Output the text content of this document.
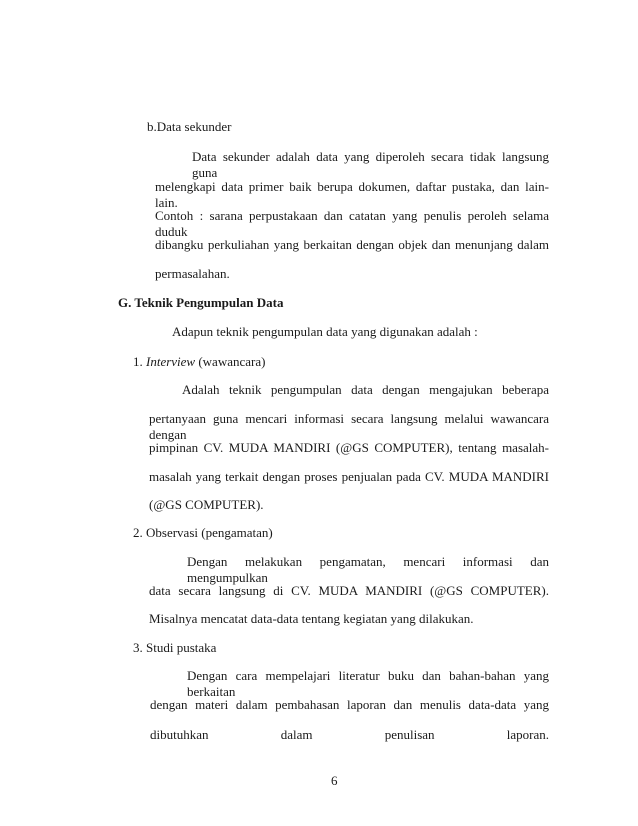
b.Data sekunder

Data sekunder adalah data yang diperoleh secara tidak langsung guna

melengkapi data primer baik berupa dokumen, daftar pustaka, dan lain-lain.

Contoh : sarana perpustakaan dan catatan yang penulis peroleh selama duduk

dibangku perkuliahan yang berkaitan dengan objek dan menunjang dalam

permasalahan.

G. Teknik Pengumpulan Data

Adapun teknik pengumpulan data yang digunakan adalah :

1. Interview (wawancara)

Adalah teknik pengumpulan data dengan mengajukan beberapa

pertanyaan guna mencari informasi secara langsung melalui wawancara dengan

pimpinan CV. MUDA MANDIRI (@GS COMPUTER), tentang masalah-

masalah yang terkait dengan proses penjualan pada CV. MUDA MANDIRI

(@GS COMPUTER).

2. Observasi (pengamatan)

Dengan melakukan pengamatan, mencari informasi dan mengumpulkan

data secara langsung di CV. MUDA MANDIRI (@GS COMPUTER).

Misalnya mencatat data-data tentang kegiatan yang dilakukan.

3. Studi pustaka

Dengan cara mempelajari literatur buku dan bahan-bahan yang berkaitan

dengan materi dalam pembahasan laporan dan menulis data-data yang

dibutuhkan dalam penulisan laporan.

6
